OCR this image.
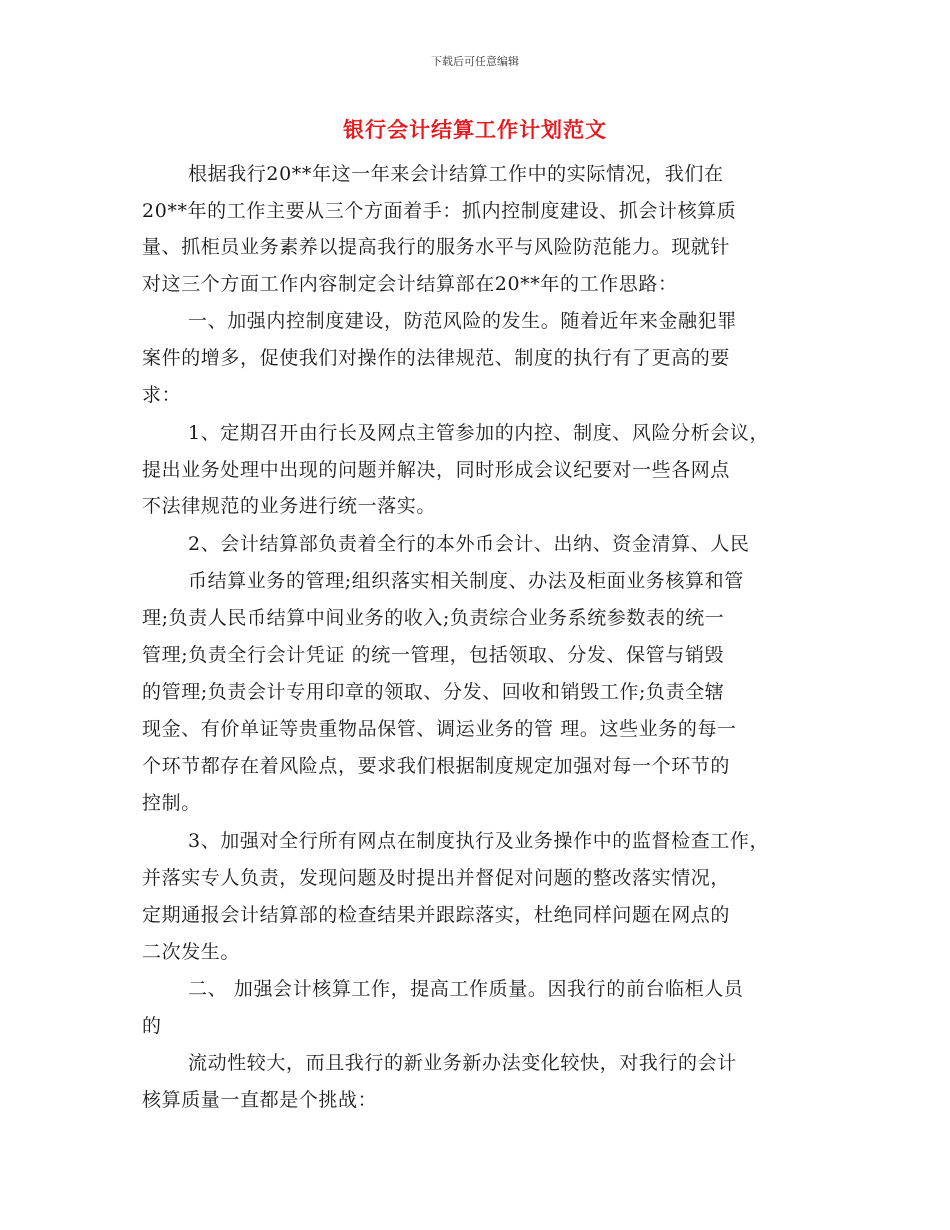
下载后可任意编辑
银行会计结算工作计划范文
根据我行20**年这一年来会计结算工作中的实际情况，我们在
20**年的工作主要从三个方面着手：抓内控制度建设、抓会计核算质
量、抓柜员业务素养以提高我行的服务水平与风险防范能力。现就针
对这三个方面工作内容制定会计结算部在20**年的工作思路：
一、加强内控制度建设，防范风险的发生。随着近年来金融犯罪
案件的增多，促使我们对操作的法律规范、制度的执行有了更高的要
求：
1、定期召开由行长及网点主管参加的内控、制度、风险分析会议，
提出业务处理中出现的问题并解决，同时形成会议纪要对一些各网点
不法律规范的业务进行统一落实。
2、会计结算部负责着全行的本外币会计、出纳、资金清算、人民
币结算业务的管理;组织落实相关制度、办法及柜面业务核算和管
理;负责人民币结算中间业务的收入;负责综合业务系统参数表的统一
管理;负责全行会计凭证 的统一管理，包括领取、分发、保管与销毁
的管理;负责会计专用印章的领取、分发、回收和销毁工作;负责全辖
现金、有价单证等贵重物品保管、调运业务的管 理。这些业务的每一
个环节都存在着风险点，要求我们根据制度规定加强对每一个环节的
控制。
3、加强对全行所有网点在制度执行及业务操作中的监督检查工作，
并落实专人负责，发现问题及时提出并督促对问题的整改落实情况，
定期通报会计结算部的检查结果并跟踪落实，杜绝同样问题在网点的
二次发生。
二、 加强会计核算工作，提高工作质量。因我行的前台临柜人员
的
流动性较大，而且我行的新业务新办法变化较快，对我行的会计
核算质量一直都是个挑战：
